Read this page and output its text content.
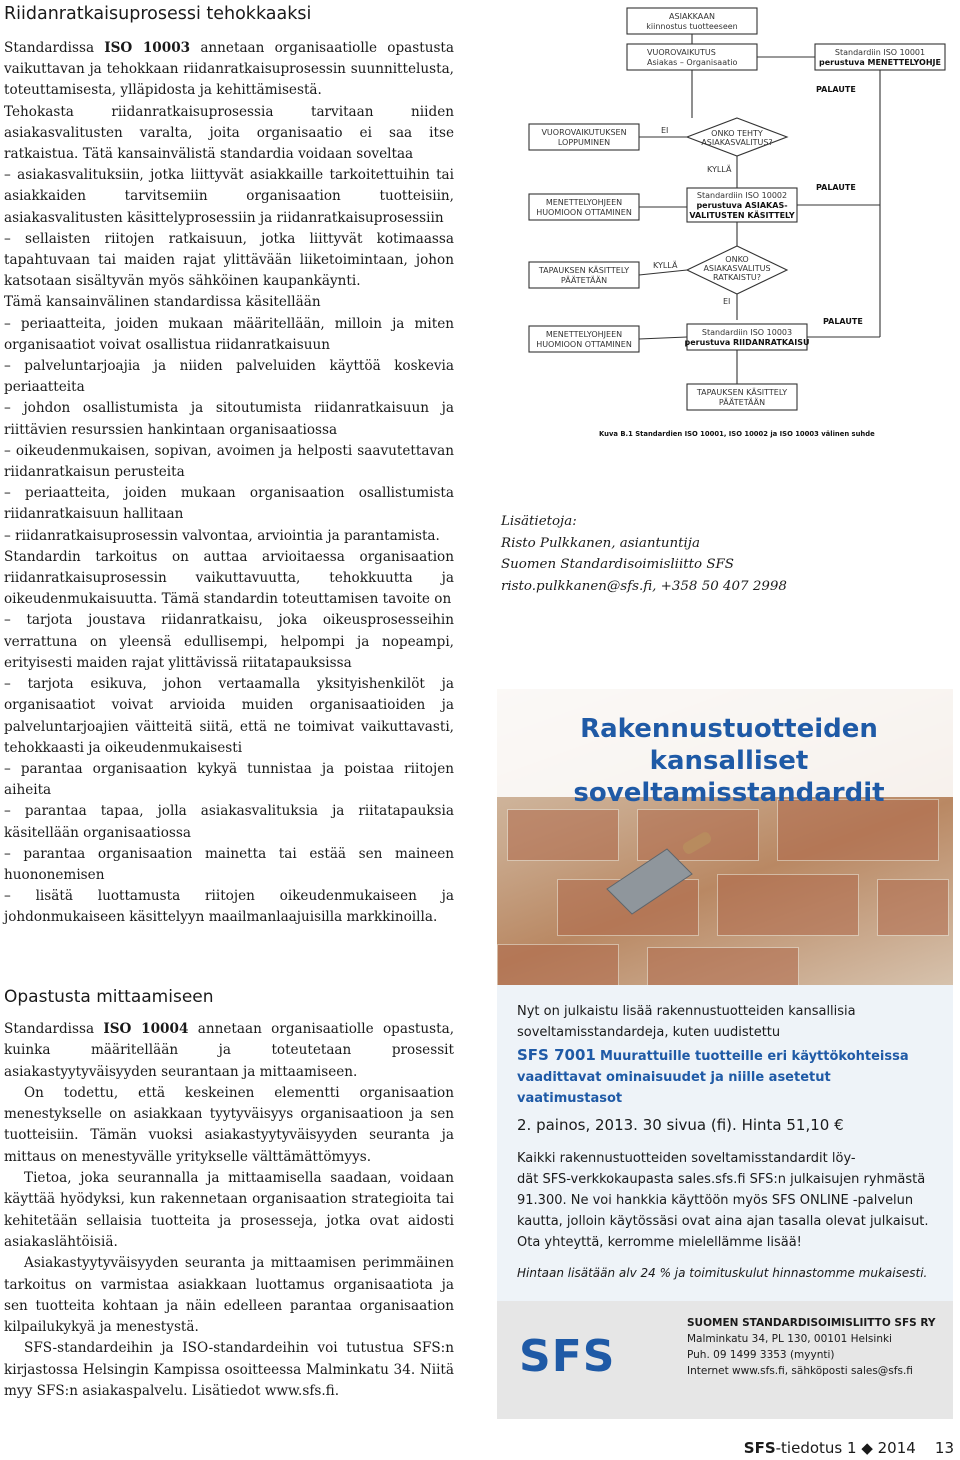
Riidanratkaisuprosessi tehokkaaksi

Standardissa ISO 10003 annetaan organisaatiolle opastusta vaikuttavan ja tehokkaan riidanratkaisuprosessin suunnittelusta, toteuttamisesta, ylläpidosta ja kehittämisestä.

Tehokasta riidanratkaisuprosessia tarvitaan niiden asiakasvalitusten varalta, joita organisaatio ei saa itse ratkaistua. Tätä kansainvälistä standardia voidaan soveltaa

– asiakasvalituksiin, jotka liittyvät asiakkaille tarkoitettuihin tai asiakkaiden tarvitsemiin organisaation tuotteisiin, asiakasvalitusten käsittelyprosessiin ja riidanratkaisuprosessiin

– sellaisten riitojen ratkaisuun, jotka liittyvät kotimaassa tapahtuvaan tai maiden rajat ylittävään liiketoimintaan, johon katsotaan sisältyvän myös sähköinen kaupankäynti.

Tämä kansainvälinen standardissa käsitellään

– periaatteita, joiden mukaan määritellään, milloin ja miten organisaatiot voivat osallistua riidanratkaisuun

– palveluntarjoajia ja niiden palveluiden käyttöä koskevia periaatteita

– johdon osallistumista ja sitoutumista riidanratkaisuun ja riittävien resurssien hankintaan organisaatiossa

– oikeudenmukaisen, sopivan, avoimen ja helposti saavutettavan riidanratkaisun perusteita

– periaatteita, joiden mukaan organisaation osallistumista riidanratkaisuun hallitaan

– riidanratkaisuprosessin valvontaa, arviointia ja parantamista.

Standardin tarkoitus on auttaa arvioitaessa organisaation riidanratkaisuprosessin vaikuttavuutta, tehokkuutta ja oikeudenmukaisuutta. Tämä standardin toteuttamisen tavoite on

– tarjota joustava riidanratkaisu, joka oikeusprosesseihin verrattuna on yleensä edullisempi, helpompi ja nopeampi, erityisesti maiden rajat ylittävissä riitatapauksissa

– tarjota esikuva, johon vertaamalla yksityishenkilöt ja organisaatiot voivat arvioida muiden organisaatioiden ja palveluntarjoajien väitteitä siitä, että ne toimivat vaikuttavasti, tehokkaasti ja oikeudenmukaisesti

– parantaa organisaation kykyä tunnistaa ja poistaa riitojen aiheita

– parantaa tapaa, jolla asiakasvalituksia ja riitatapauksia käsitellään organisaatiossa

– parantaa organisaation mainetta tai estää sen maineen huononemisen

– lisätä luottamusta riitojen oikeudenmukaiseen ja johdonmukaiseen käsittelyyn maailmanlaajuisilla markkinoilla.

Opastusta mittaamiseen

Standardissa ISO 10004 annetaan organisaatiolle opastusta, kuinka määritellään ja toteutetaan prosessit asiakastyytyväisyyden seurantaan ja mittaamiseen.

On todettu, että keskeinen elementti organisaation menestykselle on asiakkaan tyytyväisyys organisaatioon ja sen tuotteisiin. Tämän vuoksi asiakastyytyväisyyden seuranta ja mittaus on menestyvälle yritykselle välttämättömyys.

Tietoa, joka seurannalla ja mittaamisella saadaan, voidaan käyttää hyödyksi, kun rakennetaan organisaation strategioita tai kehitetään sellaisia tuotteita ja prosesseja, jotka ovat aidosti asiakaslähtöisiä.

Asiakastyytyväisyyden seuranta ja mittaamisen perimmäinen tarkoitus on varmistaa asiakkaan luottamus organisaatiota ja sen tuotteita kohtaan ja näin edelleen parantaa organisaation kilpailukykyä ja menestystä.

SFS-standardeihin ja ISO-standardeihin voi tutustua SFS:n kirjastossa Helsingin Kampissa osoitteessa Malminkatu 34. Niitä myy SFS:n asiakaspalvelu. Lisätiedot www.sfs.fi.

ASIAKKAAN
kiinnostus tuotteeseen
VUOROVAIKUTUS
Asiakas – Organisaatio
Standardiin ISO 10001
perustuva MENETTELYOHJE
PALAUTE
VUOROVAIKUTUKSEN
LOPPUMINEN
EI	ONKO TEHTY
ASIAKASVALITUS?
KYLLÄ
MENETTELYOHJEEN
HUOMIOON OTTAMINEN
Standardiin ISO 10002
perustuva ASIAKAS-
VALITUSTEN KÄSITTELY
PALAUTE
TAPAUKSEN KÄSITTELY
PÄÄTETÄÄN
KYLLÄ
ONKO
ASIAKASVALITUS
RATKAISTU?
EI
MENETTELYOHJEEN
HUOMIOON OTTAMINEN
Standardiin ISO 10003
perustuva RIIDANRATKAISU
PALAUTE
TAPAUKSEN KÄSITTELY
PÄÄTETÄÄN
Kuva B.1 Standardien ISO 10001, ISO 10002 ja ISO 10003 välinen suhde
Lisätietoja:
Risto Pulkkanen, asiantuntija
Suomen Standardisoimisliitto SFS
risto.pulkkanen@sfs.fi, +358 50 407 2998
Rakennustuotteiden
kansalliset soveltamisstandardit
Nyt on julkaistu lisää rakennustuotteiden kansallisia
soveltamisstandardeja, kuten uudistettu
SFS 7001 Muurattuille tuotteille eri käyttökohteissa
vaadittavat ominaisuudet ja niille asetetut vaatimustasot
2. painos, 2013. 30 sivua (fi). Hinta 51,10 €
Kaikki rakennustuotteiden soveltamisstandardit löy-
dät SFS-verkkokaupasta sales.sfs.fi SFS:n julkaisujen ryhmästä
91.300. Ne voi hankkia käyttöön myös SFS ONLINE -palvelun
kautta, jolloin käytössäsi ovat aina ajan tasalla olevat julkaisut.
Ota yhteyttä, kerromme mielellämme lisää!
Hintaan lisätään alv 24 % ja toimituskulut hinnastomme mukaisesti.
SFS
SUOMEN STANDARDISOIMISLIITTO SFS RY
Malminkatu 34, PL 130, 00101 Helsinki
Puh. 09 1499 3353 (myynti)
Internet www.sfs.fi, sähköposti sales@sfs.fi
SFS-tiedotus 1 ◆ 2014 13
